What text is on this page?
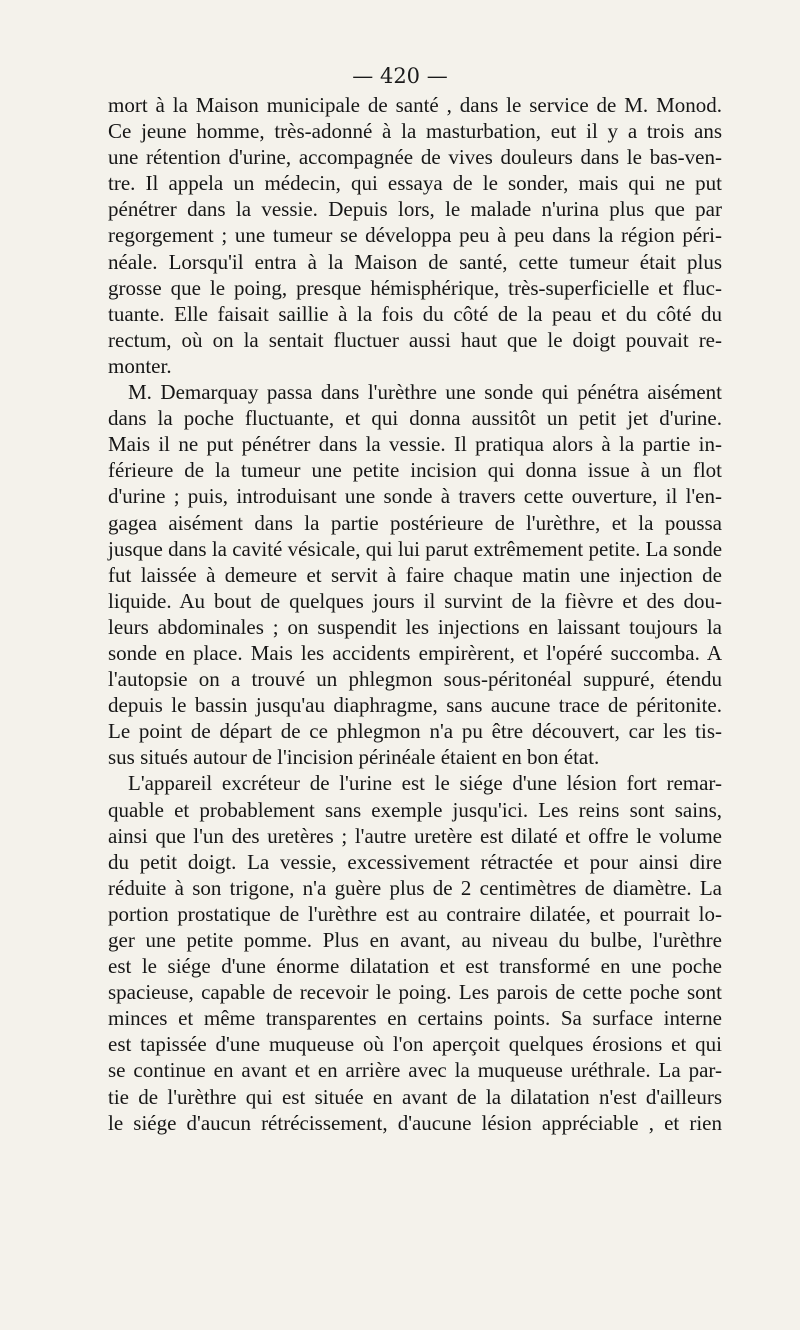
— 420 —
mort à la Maison municipale de santé , dans le service de M. Monod.
Ce jeune homme, très-adonné à la masturbation, eut il y a trois ans
une rétention d'urine, accompagnée de vives douleurs dans le bas-ven-
tre. Il appela un médecin, qui essaya de le sonder, mais qui ne put
pénétrer dans la vessie. Depuis lors, le malade n'urina plus que par
regorgement ; une tumeur se développa peu à peu dans la région péri-
néale. Lorsqu'il entra à la Maison de santé, cette tumeur était plus
grosse que le poing, presque hémisphérique, très-superficielle et fluc-
tuante. Elle faisait saillie à la fois du côté de la peau et du côté du
rectum, où on la sentait fluctuer aussi haut que le doigt pouvait re-
monter.
M. Demarquay passa dans l'urèthre une sonde qui pénétra aisément
dans la poche fluctuante, et qui donna aussitôt un petit jet d'urine.
Mais il ne put pénétrer dans la vessie. Il pratiqua alors à la partie in-
férieure de la tumeur une petite incision qui donna issue à un flot
d'urine ; puis, introduisant une sonde à travers cette ouverture, il l'en-
gagea aisément dans la partie postérieure de l'urèthre, et la poussa
jusque dans la cavité vésicale, qui lui parut extrêmement petite. La sonde
fut laissée à demeure et servit à faire chaque matin une injection de
liquide. Au bout de quelques jours il survint de la fièvre et des dou-
leurs abdominales ; on suspendit les injections en laissant toujours la
sonde en place. Mais les accidents empirèrent, et l'opéré succomba. A
l'autopsie on a trouvé un phlegmon sous-péritonéal suppuré, étendu
depuis le bassin jusqu'au diaphragme, sans aucune trace de péritonite.
Le point de départ de ce phlegmon n'a pu être découvert, car les tis-
sus situés autour de l'incision périnéale étaient en bon état.
L'appareil excréteur de l'urine est le siége d'une lésion fort remar-
quable et probablement sans exemple jusqu'ici. Les reins sont sains,
ainsi que l'un des uretères ; l'autre uretère est dilaté et offre le volume
du petit doigt. La vessie, excessivement rétractée et pour ainsi dire
réduite à son trigone, n'a guère plus de 2 centimètres de diamètre. La
portion prostatique de l'urèthre est au contraire dilatée, et pourrait lo-
ger une petite pomme. Plus en avant, au niveau du bulbe, l'urèthre
est le siége d'une énorme dilatation et est transformé en une poche
spacieuse, capable de recevoir le poing. Les parois de cette poche sont
minces et même transparentes en certains points. Sa surface interne
est tapissée d'une muqueuse où l'on aperçoit quelques érosions et qui
se continue en avant et en arrière avec la muqueuse uréthrale. La par-
tie de l'urèthre qui est située en avant de la dilatation n'est d'ailleurs
le siége d'aucun rétrécissement, d'aucune lésion appréciable , et rien
